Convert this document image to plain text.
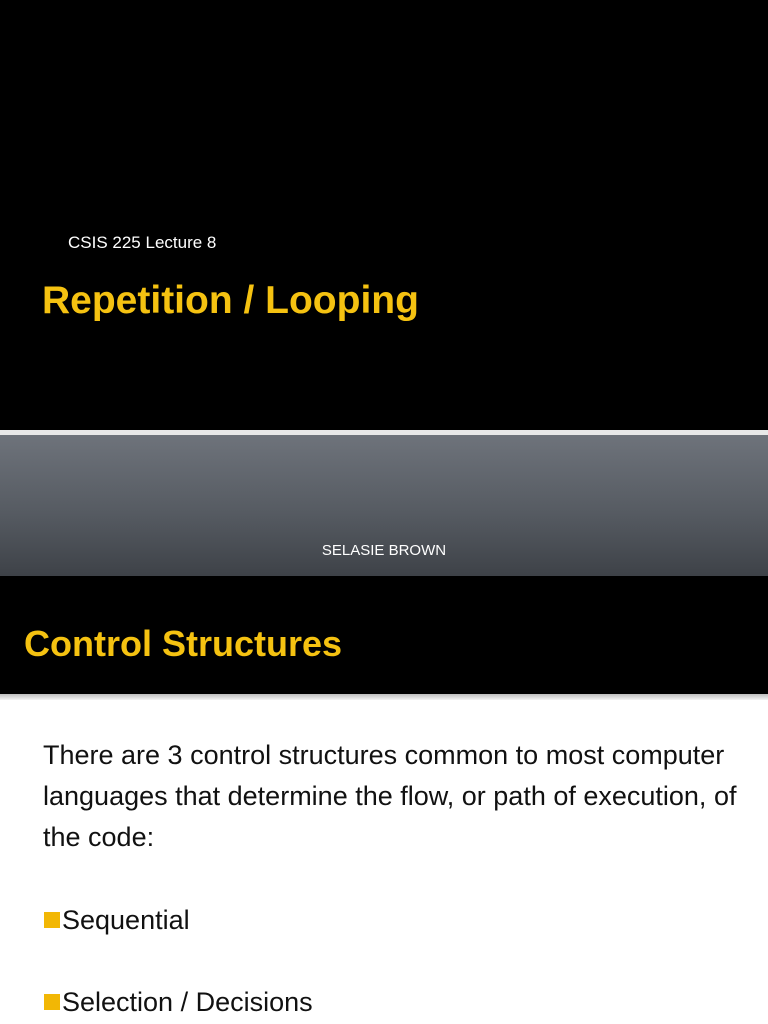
CSIS 225 Lecture 8
Repetition / Looping
SELASIE BROWN
Control Structures
There are 3 control structures common to most computer languages that determine the flow, or path of execution, of the code:
Sequential
Selection / Decisions
